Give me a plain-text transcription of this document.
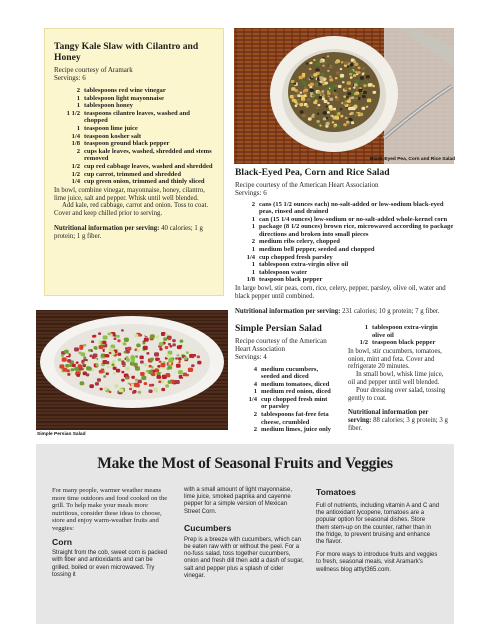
Tangy Kale Slaw with Cilantro and Honey
Recipe courtesy of Aramark
Servings: 6
2 tablespoons red wine vinegar
1 tablespoon light mayonnaise
1 tablespoon honey
1 1/2 teaspoons cilantro leaves, washed and chopped
1 teaspoon lime juice
1/4 teaspoon kosher salt
1/8 teaspoon ground black pepper
2 cups kale leaves, washed, shredded and stems removed
1/2 cup red cabbage leaves, washed and shredded
1/2 cup carrot, trimmed and shredded
1/4 cup green onion, trimmed and thinly sliced

In bowl, combine vinegar, mayonnaise, honey, cilantro, lime juice, salt and pepper. Whisk until well blended.

Add kale, red cabbage, carrot and onion. Toss to coat. Cover and keep chilled prior to serving.

Nutritional information per serving: 40 calories; 1 g protein; 1 g fiber.
Black-Eyed Pea, Corn and Rice Salad
Black-Eyed Pea, Corn and Rice Salad
Recipe courtesy of the American Heart Association
Servings: 6
2 cans (15 1/2 ounces each) no-salt-added or low-sodium black-eyed peas, rinsed and drained
1 can (15 1/4 ounces) low-sodium or no-salt-added whole-kernel corn
1 package (8 1/2 ounces) brown rice, microwaved according to package directions and broken into small pieces
2 medium ribs celery, chopped
1 medium bell pepper, seeded and chopped
1/4 cup chopped fresh parsley
1 tablespoon extra-virgin olive oil
1 tablespoon water
1/8 teaspoon black pepper
In large bowl, stir peas, corn, rice, celery, pepper, parsley, olive oil, water and black pepper until combined.
Nutritional information per serving: 231 calories; 10 g protein; 7 g fiber.
Simple Persian Salad
Simple Persian Salad
Recipe courtesy of the American Heart Association
Servings: 4
4 medium cucumbers, seeded and diced
4 medium tomatoes, diced
1 medium red onion, diced
1/4 cup chopped fresh mint or parsley
2 tablespoons fat-free feta cheese, crumbled
2 medium limes, juice only
1 tablespoon extra-virgin olive oil
1/2 teaspoon black pepper

In bowl, stir cucumbers, tomatoes, onion, mint and feta. Cover and refrigerate 20 minutes.

In small bowl, whisk lime juice, oil and pepper until well blended.

Pour dressing over salad, tossing gently to coat.

Nutritional information per serving: 88 calories; 3 g protein; 3 g fiber.
Make the Most of Seasonal Fruits and Veggies

For many people, warmer weather means more time outdoors and food cooked on the grill. To help make your meals more nutritious, consider these ideas to choose, store and enjoy warm-weather fruits and veggies:

Corn

Straight from the cob, sweet corn is packed with fiber and antioxidants and can be grilled, boiled or even microwaved. Try tossing it

with a small amount of light mayonnaise, lime juice, smoked paprika and cayenne pepper for a simple version of Mexican Street Corn.

Cucumbers

Prep is a breeze with cucumbers, which can be eaten raw with or without the peel. For a no-fuss salad, toss together cucumbers, onion and fresh dill then add a dash of sugar, salt and pepper plus a splash of cider vinegar.

Tomatoes

Full of nutrients, including vitamin A and C and the antioxidant lycopene, tomatoes are a popular option for seasonal dishes. Store them stem-up on the counter, rather than in the fridge, to prevent bruising and enhance the flavor.

For more ways to introduce fruits and veggies to fresh, seasonal meals, visit Aramark's wellness blog attlyt365.com.
